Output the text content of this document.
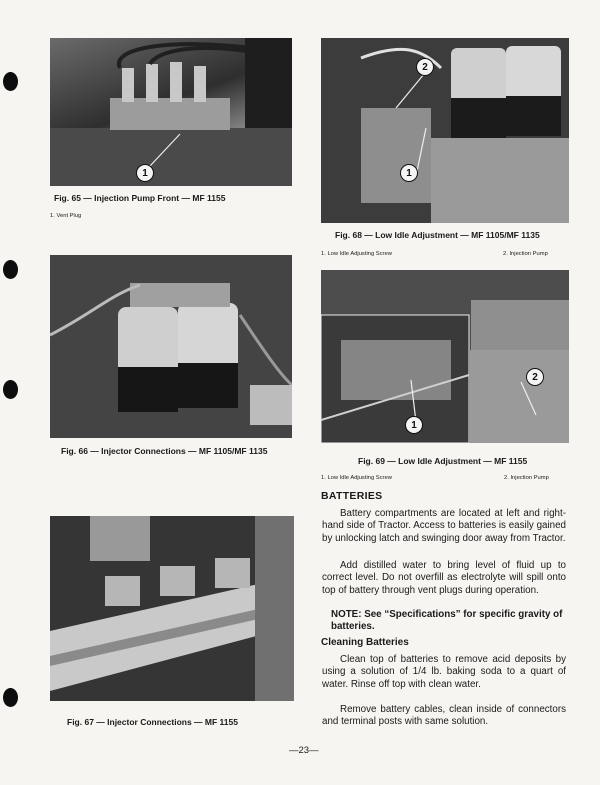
1
Fig. 65 — Injection Pump Front — MF 1155
1. Vent Plug
1
2
Fig. 68 — Low Idle Adjustment — MF 1105/MF 1135
1. Low Idle Adjusting Screw	2. Injection Pump
Fig. 66 — Injector Connections — MF 1105/MF 1135
1
2
Fig. 69 — Low Idle Adjustment — MF 1155
1. Low Idle Adjusting Screw	2. Injection Pump
Fig. 67 — Injector Connections — MF 1155
BATTERIES

Battery compartments are located at left and right-hand side of Tractor. Access to batteries is easily gained by unlocking latch and swinging door away from Tractor.

Add distilled water to bring level of fluid up to correct level. Do not overfill as electrolyte will spill onto top of battery through vent plugs during operation.

NOTE: See “Specifications” for specific gravity of batteries.

Cleaning Batteries

Clean top of batteries to remove acid deposits by using a solution of 1/4 lb. baking soda to a quart of water. Rinse off top with clean water.

Remove battery cables, clean inside of connectors and terminal posts with same solution.

—23—
